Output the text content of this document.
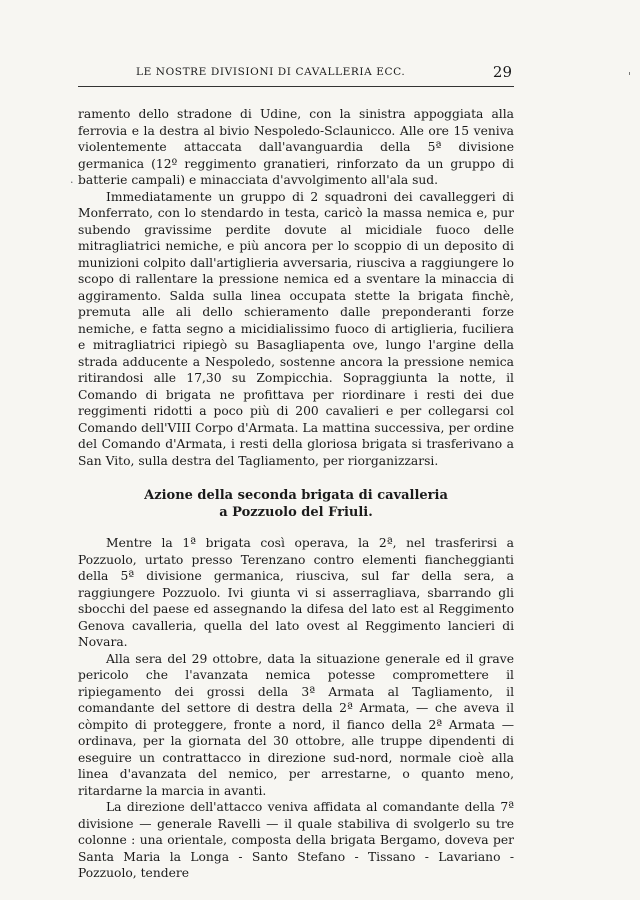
LE NOSTRE DIVISIONI DI CAVALLERIA ECC.	29

ramento dello stradone di Udine, con la sinistra appoggiata alla ferrovia e la destra al bivio Nespoledo-Sclaunicco. Alle ore 15 veniva violentemente attaccata dall'avanguardia della 5ª divisione germanica (12º reggimento granatieri, rinforzato da un gruppo di batterie campali) e minacciata d'avvolgimento all'ala sud.

Immediatamente un gruppo di 2 squadroni dei cavalleggeri di Monferrato, con lo stendardo in testa, caricò la massa nemica e, pur subendo gravissime perdite dovute al micidiale fuoco delle mitragliatrici nemiche, e più ancora per lo scoppio di un deposito di munizioni colpito dall'artiglieria avversaria, riusciva a raggiungere lo scopo di rallentare la pressione nemica ed a sventare la minaccia di aggiramento. Salda sulla linea occupata stette la brigata finchè, premuta alle ali dello schieramento dalle preponderanti forze nemiche, e fatta segno a micidialissimo fuoco di artiglieria, fuciliera e mitragliatrici ripiegò su Basagliapenta ove, lungo l'argine della strada adducente a Nespoledo, sostenne ancora la pressione nemica ritirandosi alle 17,30 su Zompicchia. Sopraggiunta la notte, il Comando di brigata ne profittava per riordinare i resti dei due reggimenti ridotti a poco più di 200 cavalieri e per collegarsi col Comando dell'VIII Corpo d'Armata. La mattina successiva, per ordine del Comando d'Armata, i resti della gloriosa brigata si trasferivano a San Vito, sulla destra del Tagliamento, per riorganizzarsi.

Azione della seconda brigata di cavalleria
a Pozzuolo del Friuli.

Mentre la 1ª brigata così operava, la 2ª, nel trasferirsi a Pozzuolo, urtato presso Terenzano contro elementi fiancheggianti della 5ª divisione germanica, riusciva, sul far della sera, a raggiungere Pozzuolo. Ivi giunta vi si asserragliava, sbarrando gli sbocchi del paese ed assegnando la difesa del lato est al Reggimento Genova cavalleria, quella del lato ovest al Reggimento lancieri di Novara.

Alla sera del 29 ottobre, data la situazione generale ed il grave pericolo che l'avanzata nemica potesse compromettere il ripiegamento dei grossi della 3ª Armata al Tagliamento, il comandante del settore di destra della 2ª Armata, — che aveva il còmpito di proteggere, fronte a nord, il fianco della 2ª Armata — ordinava, per la giornata del 30 ottobre, alle truppe dipendenti di eseguire un contrattacco in direzione sud-nord, normale cioè alla linea d'avanzata del nemico, per arrestarne, o quanto meno, ritardarne la marcia in avanti.

La direzione dell'attacco veniva affidata al comandante della 7ª divisione — generale Ravelli — il quale stabiliva di svolgerlo su tre colonne : una orientale, composta della brigata Bergamo, doveva per Santa Maria la Longa - Santo Stefano - Tissano - Lavariano - Pozzuolo, tendere

'
·
